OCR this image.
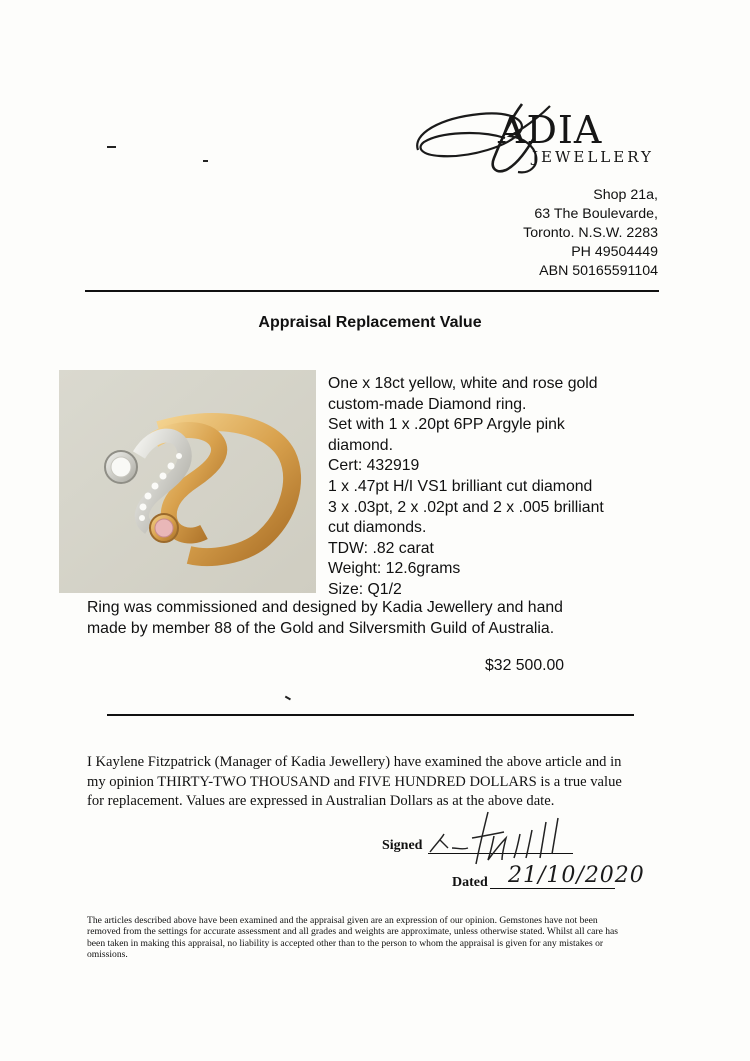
ADIA
JEWELLERY
Shop 21a,
63 The Boulevarde,
Toronto. N.S.W. 2283
PH 49504449
ABN 50165591104
Appraisal Replacement Value
One x 18ct yellow, white and rose gold
custom-made Diamond ring.
Set with 1 x .20pt 6PP Argyle pink
diamond.
Cert: 432919
1 x .47pt H/I VS1 brilliant cut diamond
3 x .03pt, 2 x .02pt and 2 x .005 brilliant
cut diamonds.
TDW: .82 carat
Weight: 12.6grams
Size: Q1/2
Ring was commissioned and designed by Kadia Jewellery and hand
made by member 88 of the Gold and Silversmith Guild of Australia.
$32 500.00
I Kaylene Fitzpatrick (Manager of Kadia Jewellery) have examined the above article and in
my opinion THIRTY-TWO THOUSAND and FIVE HUNDRED DOLLARS is a true value
for replacement. Values are expressed in Australian Dollars as at the above date.
Signed
Dated 21/10/2020
The articles described above have been examined and the appraisal given are an expression of our opinion. Gemstones have not been
removed from the settings for accurate assessment and all grades and weights are approximate, unless otherwise stated. Whilst all care has
been taken in making this appraisal, no liability is accepted other than to the person to whom the appraisal is given for any mistakes or
omissions.
